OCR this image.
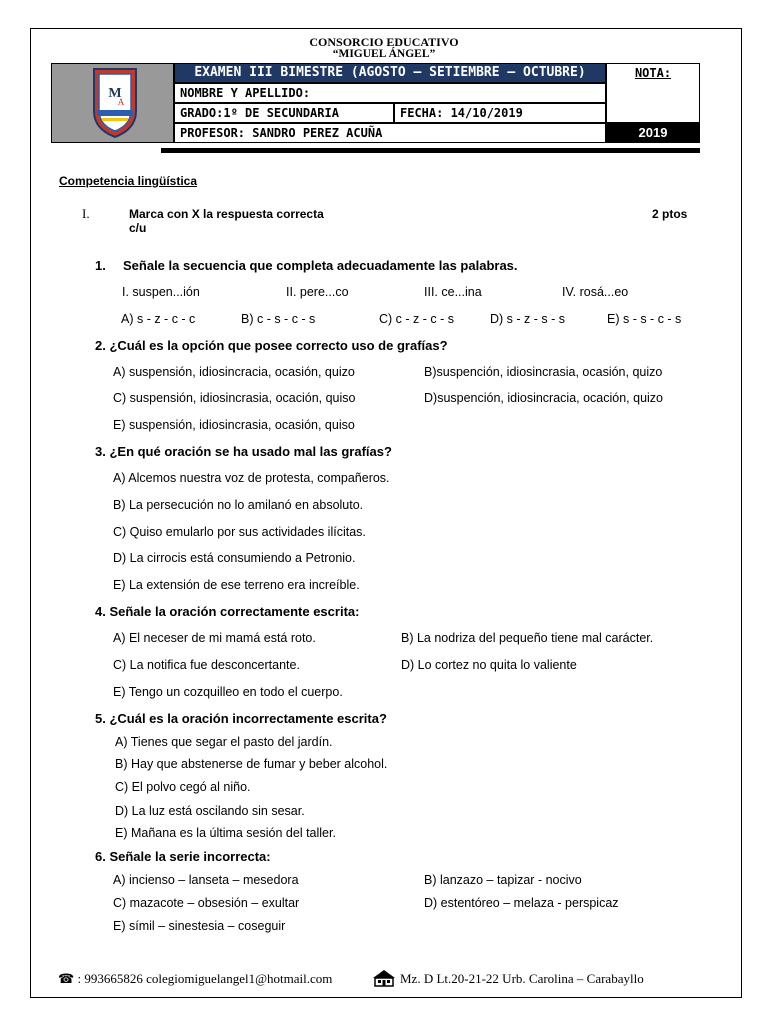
CONSORCIO EDUCATIVO
“MIGUEL ÁNGEL”
M
A
EXAMEN III BIMESTRE (AGOSTO – SETIEMBRE – OCTUBRE)
NOMBRE Y APELLIDO:
GRADO:1º DE SECUNDARIA	FECHA: 14/10/2019
PROFESOR: SANDRO PEREZ ACUÑA
NOTA:
2019
Competencia lingüística
I.	Marca con X la respuesta correcta
c/u
2 ptos
1. Señale la secuencia que completa adecuadamente las palabras.
I. suspen...ión	II. pere...co	III. ce...ina	IV. rosá...eo
A) s - z - c - c	B) c - s - c - s	C) c - z - c - s	D) s - z - s - s	E) s - s - c - s
2. ¿Cuál es la opción que posee correcto uso de grafías?
A) suspensión, idiosincracia, ocasión, quizo	B)suspención, idiosincrasia, ocasión, quizo
C) suspensión, idiosincrasia, ocación, quiso	D)suspención, idiosincracia, ocación, quizo
E) suspensión, idiosincrasia, ocasión, quiso
3. ¿En qué oración se ha usado mal las grafías?
A) Alcemos nuestra voz de protesta, compañeros.
B) La persecución no lo amilanó en absoluto.
C) Quiso emularlo por sus actividades ilícitas.
D) La cirrocis está consumiendo a Petronio.
E) La extensión de ese terreno era increíble.
4. Señale la oración correctamente escrita:
A) El neceser de mi mamá está roto.	B) La nodriza del pequeño tiene mal carácter.
C) La notifica fue desconcertante.	D) Lo cortez no quita lo valiente
E) Tengo un cozquilleo en todo el cuerpo.
5. ¿Cuál es la oración incorrectamente escrita?
A) Tienes que segar el pasto del jardín.
B) Hay que abstenerse de fumar y beber alcohol.
C) El polvo cegó al niño.
D) La luz está oscilando sin sesar.
E) Mañana es la última sesión del taller.
6. Señale la serie incorrecta:
A) incienso – lanseta – mesedora	B) lanzazo – tapizar - nocivo
C) mazacote – obsesión – exultar	D) estentóreo – melaza - perspicaz
E) símil – sinestesia – coseguir
☎ : 993665826 colegiomiguelangel1@hotmail.com	Mz. D Lt.20-21-22 Urb. Carolina – Carabayllo
